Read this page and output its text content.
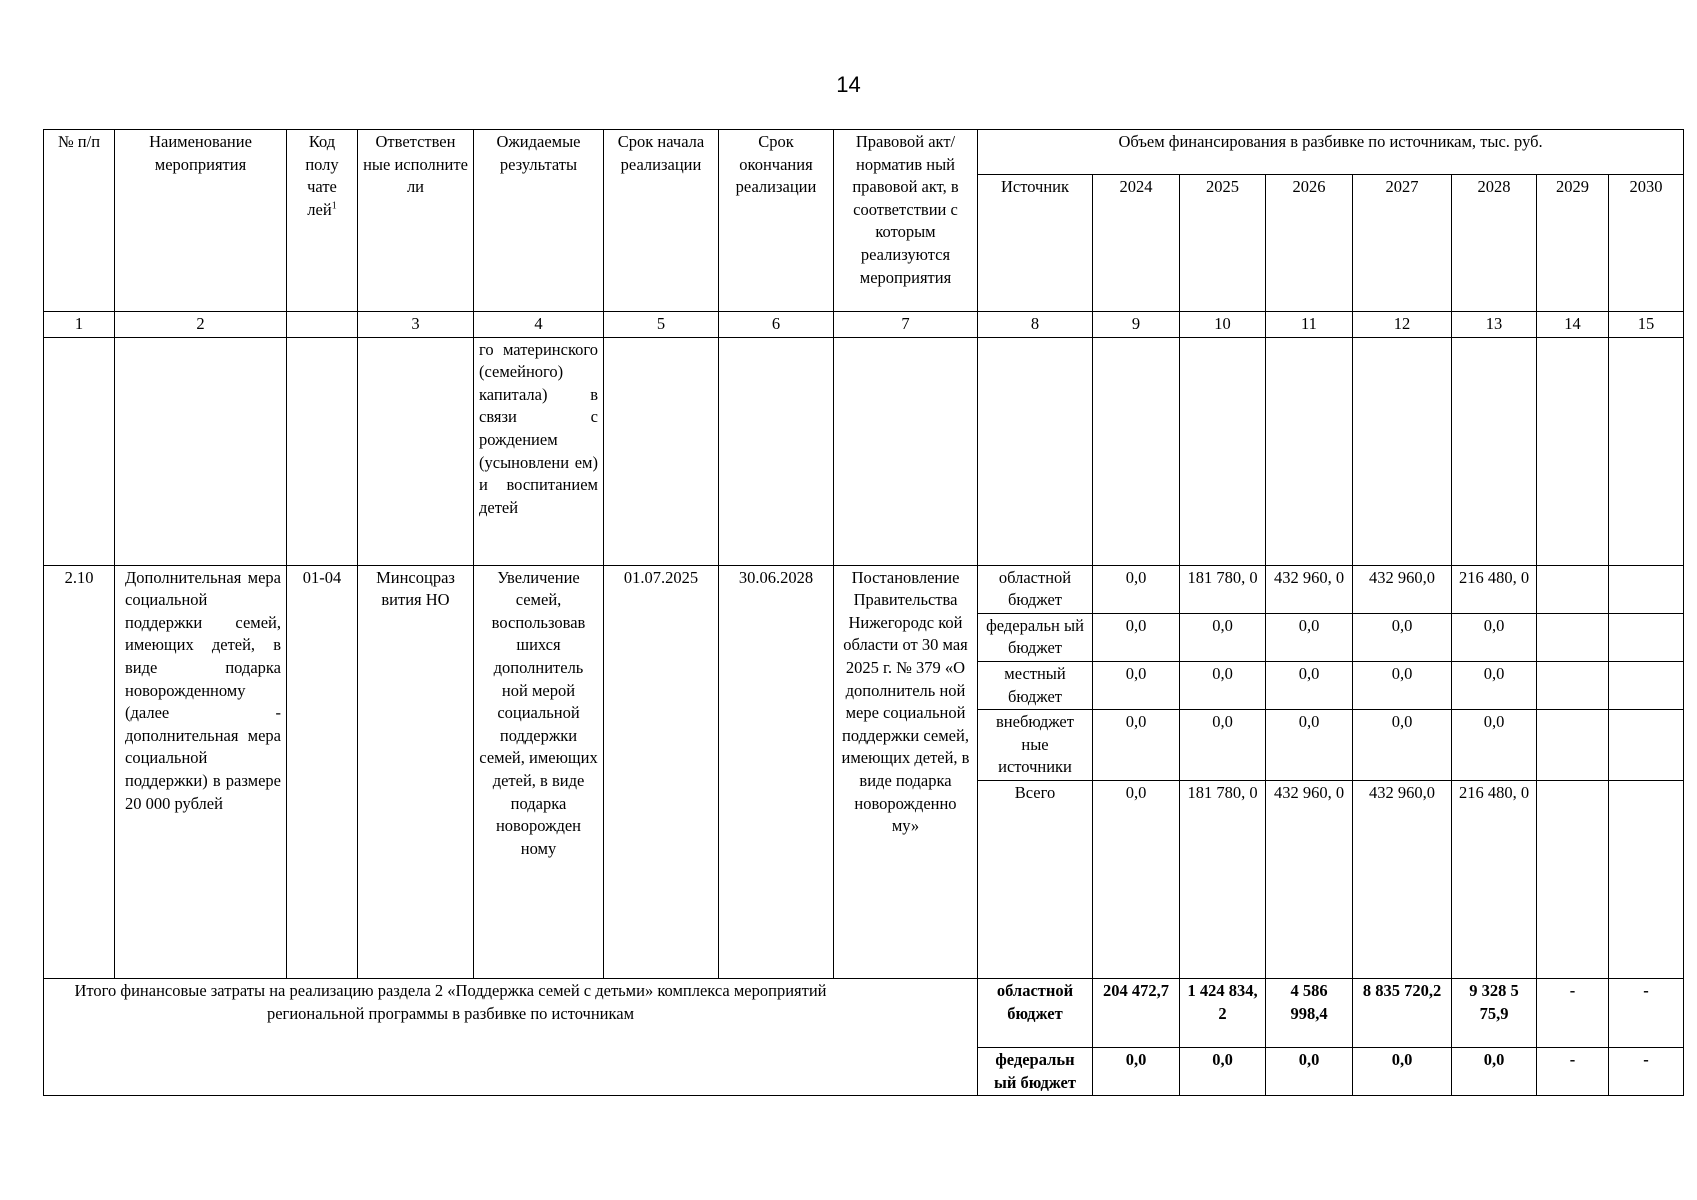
14
№ п/п	Наименование мероприятия	Код полу чате лей$^1$	Ответствен ные исполните ли	Ожидаемые результаты	Срок начала реализации	Срок окончания реализации	Правовой акт/норматив ный правовой акт, в соответствии с которым реализуются мероприятия	Объем финансирования в разбивке по источникам, тыс. руб.							
								Источник	2024	2025	2026	2027	2028	2029	2030
1	2		3	4	5	6	7	8	9	10	11	12	13	14	15
				го материнского (семейного) капитала) в связи с рождением (усыновлени ем) и воспитанием детей											
2.10	Дополнительная мера социальной поддержки семей, имеющих детей, в виде подарка новорожденному (далее - дополнительная мера социальной поддержки) в размере 20 000 рублей	01-04	Минсоцраз вития НО	Увеличение семей, воспользовав шихся дополнитель ной мерой социальной поддержки семей, имеющих детей, в виде подарка новорожден ному	01.07.2025	30.06.2028	Постановление Правительства Нижегородс кой области от 30 мая 2025 г. № 379 «О дополнитель ной мере социальной поддержки семей, имеющих детей, в виде подарка новорожденно му»	областной бюджет	0,0	181 780, 0	432 960, 0	432 960,0	216 480, 0		
								федеральн ый бюджет	0,0	0,0	0,0	0,0	0,0		
								местный бюджет	0,0	0,0	0,0	0,0	0,0		
								внебюджет ные источники	0,0	0,0	0,0	0,0	0,0		
								Всего	0,0	181 780, 0	432 960, 0	432 960,0	216 480, 0		
Итого финансовые затраты на реализацию раздела 2 «Поддержка семей с детьми» комплекса мероприятий региональной программы в разбивке по источникам								областной бюджет	204 472,7	1 424 834, 2	4 586 998,4	8 835 720,2	9 328 5 75,9	-	-
								федеральн ый бюджет	0,0	0,0	0,0	0,0	0,0	-	-
